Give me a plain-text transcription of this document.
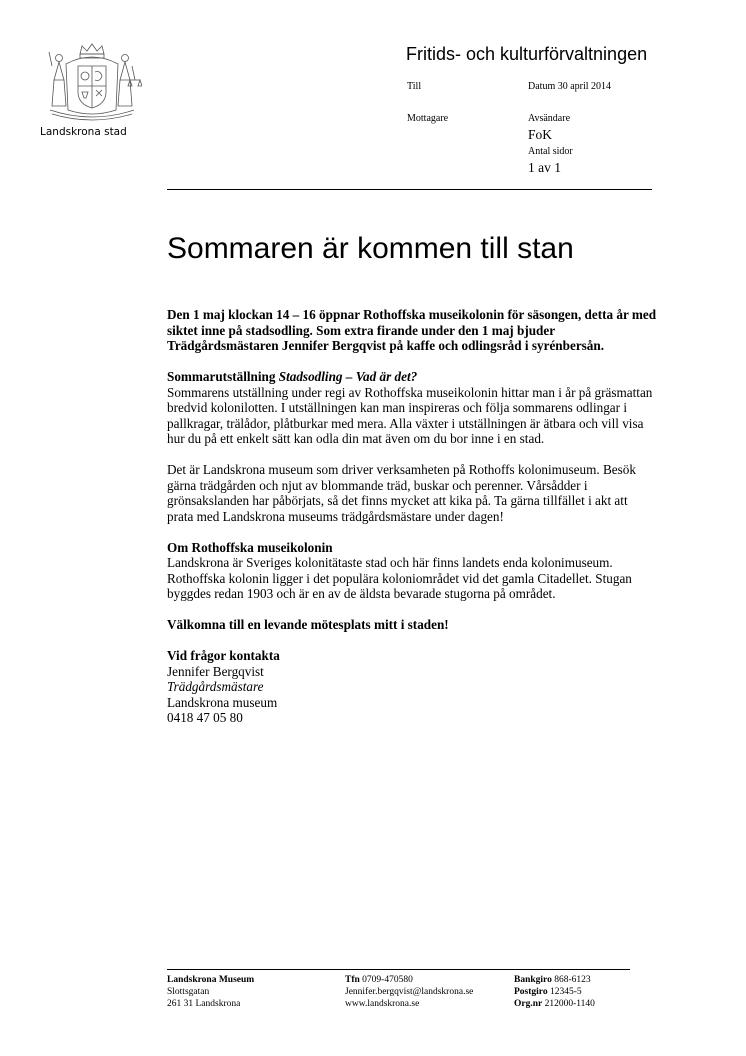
Landskrona stad
Fritids- och kulturförvaltningen
Till	Datum 30 april 2014
Mottagare	Avsändare
FoK
Antal sidor
1 av 1
Sommaren är kommen till stan

Den 1 maj klockan 14 – 16 öppnar Rothoffska museikolonin för säsongen, detta år med siktet inne på stadsodling. Som extra firande under den 1 maj bjuder Trädgårdsmästaren Jennifer Bergqvist på kaffe och odlingsråd i syrénbersån.

Sommarutställning Stadsodling – Vad är det?
Sommarens utställning under regi av Rothoffska museikolonin hittar man i år på gräsmattan bredvid kolonilotten. I utställningen kan man inspireras och följa sommarens odlingar i pallkragar, trälådor, plåtburkar med mera. Alla växter i utställningen är ätbara och vill visa hur du på ett enkelt sätt kan odla din mat även om du bor inne i en stad.

Det är Landskrona museum som driver verksamheten på Rothoffs kolonimuseum. Besök gärna trädgården och njut av blommande träd, buskar och perenner. Vårsådder i grönsakslanden har påbörjats, så det finns mycket att kika på. Ta gärna tillfället i akt att prata med Landskrona museums trädgårdsmästare under dagen!

Om Rothoffska museikolonin
Landskrona är Sveriges kolonitätaste stad och här finns landets enda kolonimuseum. Rothoffska kolonin ligger i det populära koloniområdet vid det gamla Citadellet. Stugan byggdes redan 1903 och är en av de äldsta bevarade stugorna på området.

Välkomna till en levande mötesplats mitt i staden!

Vid frågor kontakta
Jennifer Bergqvist
Trädgårdsmästare
Landskrona museum
0418 47 05 80

Landskrona Museum
Slottsgatan
261 31 Landskrona
Tfn 0709-470580
Jennifer.bergqvist@landskrona.se
www.landskrona.se
Bankgiro 868-6123
Postgiro 12345-5
Org.nr 212000-1140
